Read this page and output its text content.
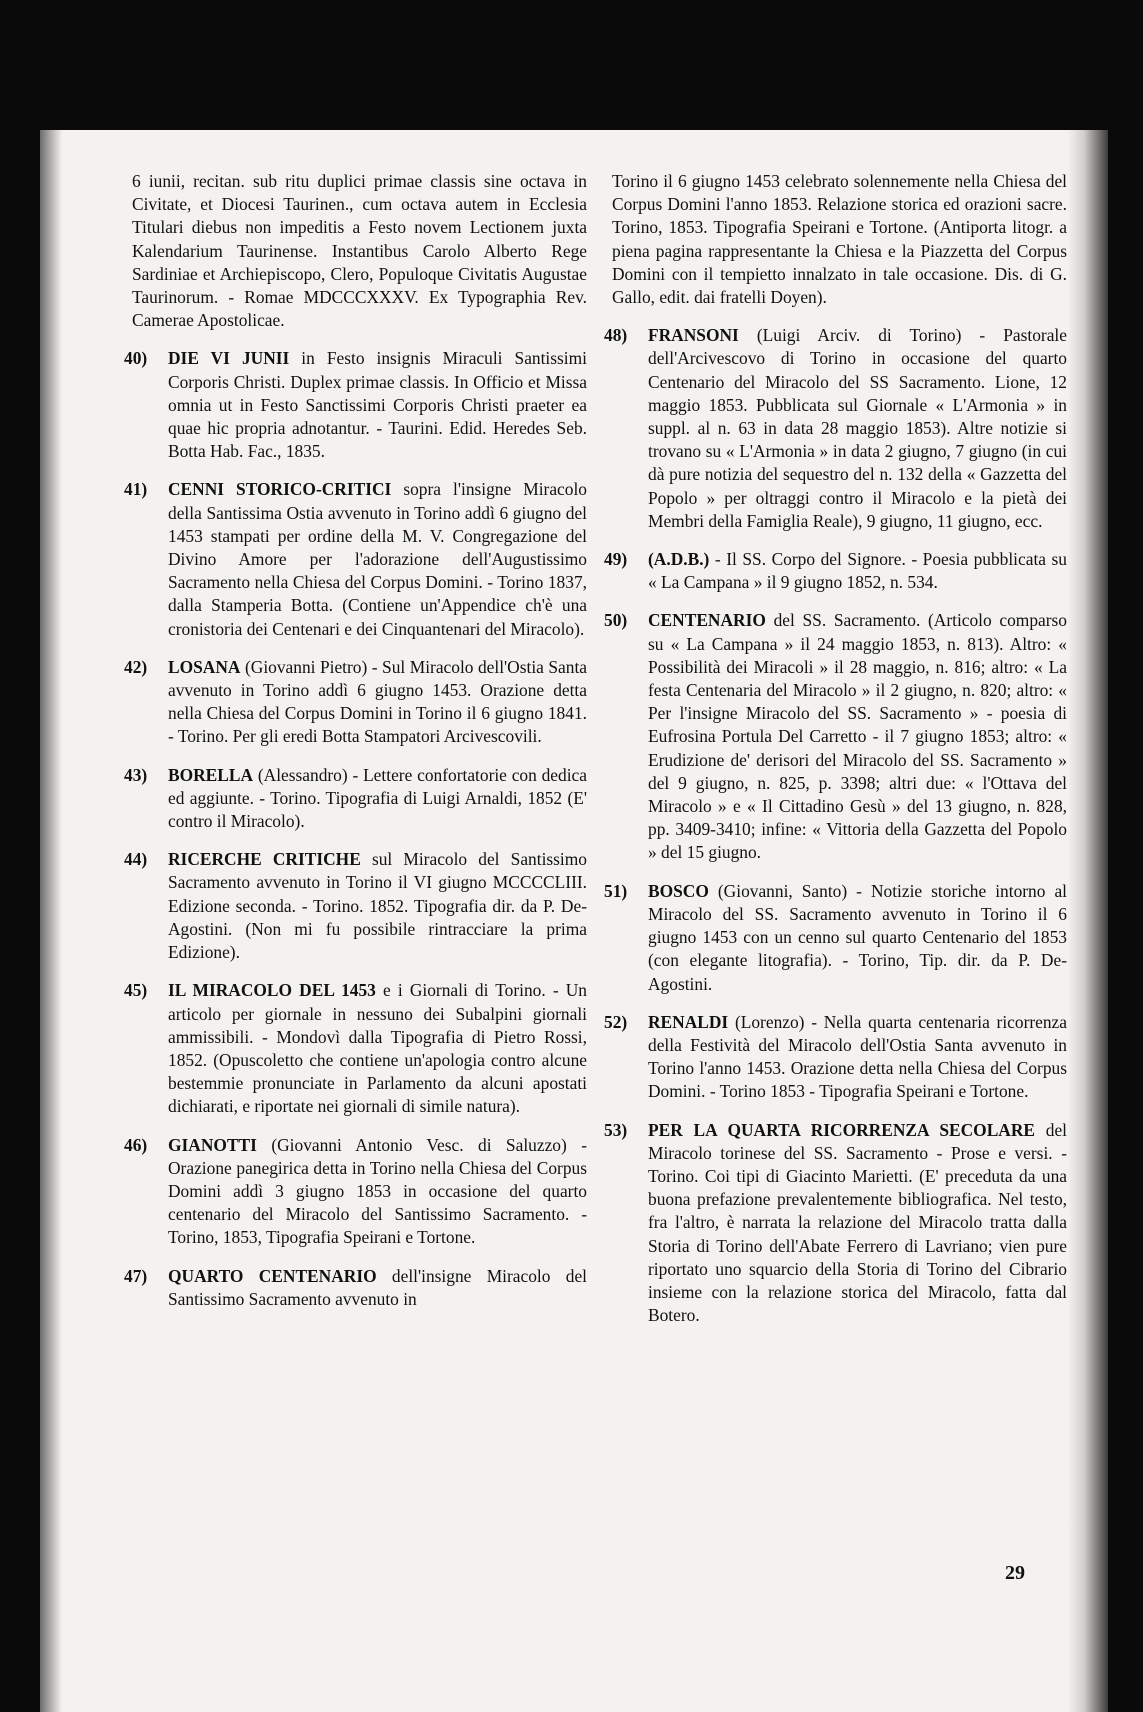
6 iunii, recitan. sub ritu duplici primae classis sine octava in Civitate, et Diocesi Taurinen., cum octava autem in Ecclesia Titulari diebus non impeditis a Festo novem Lectionem juxta Kalendarium Taurinense. Instantibus Carolo Alberto Rege Sardiniae et Archiepiscopo, Clero, Populoque Civitatis Augustae Taurinorum. - Romae MDCCCXXXV. Ex Typographia Rev. Camerae Apostolicae.
40) DIE VI JUNII in Festo insignis Miraculi Santissimi Corporis Christi. Duplex primae classis. In Officio et Missa omnia ut in Festo Sanctissimi Corporis Christi praeter ea quae hic propria adnotantur. - Taurini. Edid. Heredes Seb. Botta Hab. Fac., 1835.
41) CENNI STORICO-CRITICI sopra l'insigne Miracolo della Santissima Ostia avvenuto in Torino addì 6 giugno del 1453 stampati per ordine della M. V. Congregazione del Divino Amore per l'adorazione dell'Augustissimo Sacramento nella Chiesa del Corpus Domini. - Torino 1837, dalla Stamperia Botta. (Contiene un'Appendice ch'è una cronistoria dei Centenari e dei Cinquantenari del Miracolo).
42) LOSANA (Giovanni Pietro) - Sul Miracolo dell'Ostia Santa avvenuto in Torino addì 6 giugno 1453. Orazione detta nella Chiesa del Corpus Domini in Torino il 6 giugno 1841. - Torino. Per gli eredi Botta Stampatori Arcivescovili.
43) BORELLA (Alessandro) - Lettere confortatorie con dedica ed aggiunte. - Torino. Tipografia di Luigi Arnaldi, 1852 (E' contro il Miracolo).
44) RICERCHE CRITICHE sul Miracolo del Santissimo Sacramento avvenuto in Torino il VI giugno MCCCCLIII. Edizione seconda. - Torino. 1852. Tipografia dir. da P. De-Agostini. (Non mi fu possibile rintracciare la prima Edizione).
45) IL MIRACOLO DEL 1453 e i Giornali di Torino. - Un articolo per giornale in nessuno dei Subalpini giornali ammissibili. - Mondovì dalla Tipografia di Pietro Rossi, 1852. (Opuscoletto che contiene un'apologia contro alcune bestemmie pronunciate in Parlamento da alcuni apostati dichiarati, e riportate nei giornali di simile natura).
46) GIANOTTI (Giovanni Antonio Vesc. di Saluzzo) - Orazione panegirica detta in Torino nella Chiesa del Corpus Domini addì 3 giugno 1853 in occasione del quarto centenario del Miracolo del Santissimo Sacramento. - Torino, 1853, Tipografia Speirani e Tortone.
47) QUARTO CENTENARIO dell'insigne Miracolo del Santissimo Sacramento avvenuto in
Torino il 6 giugno 1453 celebrato solennemente nella Chiesa del Corpus Domini l'anno 1853. Relazione storica ed orazioni sacre. Torino, 1853. Tipografia Speirani e Tortone. (Antiporta litogr. a piena pagina rappresentante la Chiesa e la Piazzetta del Corpus Domini con il tempietto innalzato in tale occasione. Dis. di G. Gallo, edit. dai fratelli Doyen).
48) FRANSONI (Luigi Arciv. di Torino) - Pastorale dell'Arcivescovo di Torino in occasione del quarto Centenario del Miracolo del SS Sacramento. Lione, 12 maggio 1853. Pubblicata sul Giornale « L'Armonia » in suppl. al n. 63 in data 28 maggio 1853). Altre notizie si trovano su « L'Armonia » in data 2 giugno, 7 giugno (in cui dà pure notizia del sequestro del n. 132 della « Gazzetta del Popolo » per oltraggi contro il Miracolo e la pietà dei Membri della Famiglia Reale), 9 giugno, 11 giugno, ecc.
49) (A.D.B.) - Il SS. Corpo del Signore. - Poesia pubblicata su « La Campana » il 9 giugno 1852, n. 534.
50) CENTENARIO del SS. Sacramento. (Articolo comparso su « La Campana » il 24 maggio 1853, n. 813). Altro: « Possibilità dei Miracoli » il 28 maggio, n. 816; altro: « La festa Centenaria del Miracolo » il 2 giugno, n. 820; altro: « Per l'insigne Miracolo del SS. Sacramento » - poesia di Eufrosina Portula Del Carretto - il 7 giugno 1853; altro: « Erudizione de' derisori del Miracolo del SS. Sacramento » del 9 giugno, n. 825, p. 3398; altri due: « l'Ottava del Miracolo » e « Il Cittadino Gesù » del 13 giugno, n. 828, pp. 3409-3410; infine: « Vittoria della Gazzetta del Popolo » del 15 giugno.
51) BOSCO (Giovanni, Santo) - Notizie storiche intorno al Miracolo del SS. Sacramento avvenuto in Torino il 6 giugno 1453 con un cenno sul quarto Centenario del 1853 (con elegante litografia). - Torino, Tip. dir. da P. De-Agostini.
52) RENALDI (Lorenzo) - Nella quarta centenaria ricorrenza della Festività del Miracolo dell'Ostia Santa avvenuto in Torino l'anno 1453. Orazione detta nella Chiesa del Corpus Domini. - Torino 1853 - Tipografia Speirani e Tortone.
53) PER LA QUARTA RICORRENZA SECOLARE del Miracolo torinese del SS. Sacramento - Prose e versi. - Torino. Coi tipi di Giacinto Marietti. (E' preceduta da una buona prefazione prevalentemente bibliografica. Nel testo, fra l'altro, è narrata la relazione del Miracolo tratta dalla Storia di Torino dell'Abate Ferrero di Lavriano; vien pure riportato uno squarcio della Storia di Torino del Cibrario insieme con la relazione storica del Miracolo, fatta dal Botero.
29
